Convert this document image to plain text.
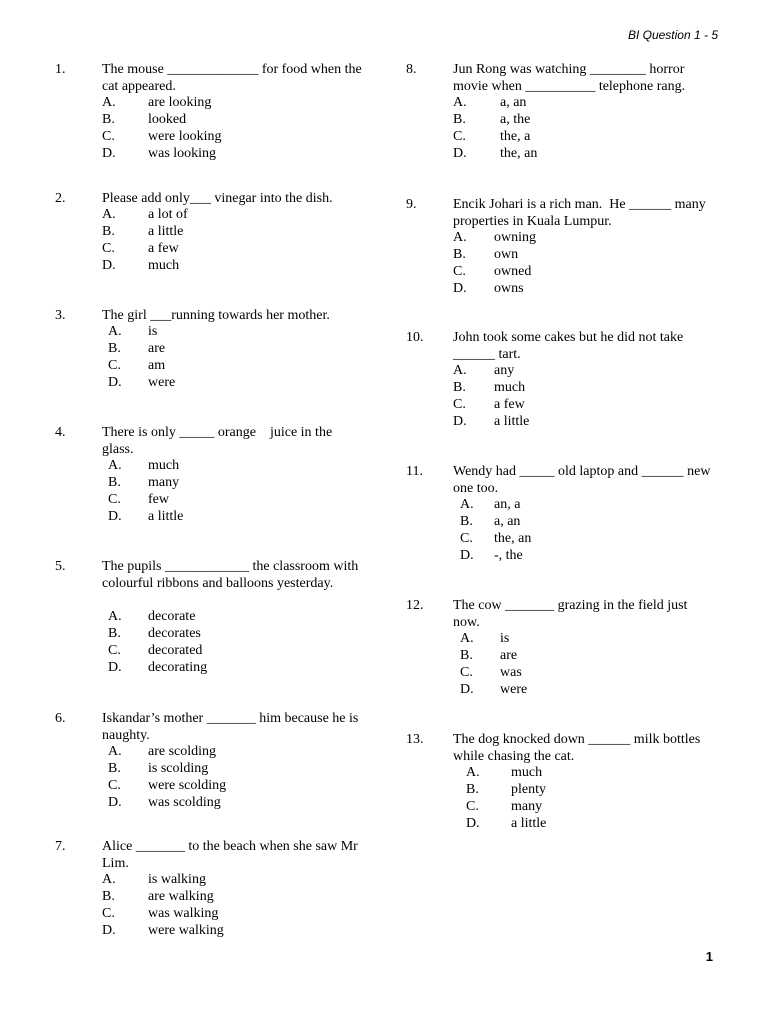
BI Question 1 - 5
1
1.	The mouse _____________ for food when the cat appeared.
A. are looking
B. looked
C. were looking
D. was looking
2.	Please add only___ vinegar into the dish.
A. a lot of
B. a little
C. a few
D. much
3.	The girl ___running towards her mother.
A. is
B. are
C. am
D. were
4.	There is only _____ orange    juice in the glass.
A. much
B. many
C. few
D. a little
5.	The pupils ____________ the classroom with colourful ribbons and balloons yesterday.
A. decorate
B. decorates
C. decorated
D. decorating
6.	Iskandar’s mother _______ him because he is naughty.
A. are scolding
B. is scolding
C. were scolding
D. was scolding
7.	Alice _______ to the beach when she saw Mr Lim.
A. is walking
B. are walking
C. was walking
D. were walking
8.	Jun Rong was watching ________ horror movie when __________ telephone rang.
A. a, an
B. a, the
C. the, a
D. the, an
9.	Encik Johari is a rich man.  He ______ many properties in Kuala Lumpur.
A. owning
B. own
C. owned
D. owns
10. John took some cakes but he did not take ______ tart.
A. any
B. much
C. a few
D. a little
11. Wendy had _____ old laptop and ______ new one too.
A. an, a
B. a, an
C. the, an
D. -, the
12. The cow _______ grazing in the field just now.
A. is
B. are
C. was
D. were
13. The dog knocked down ______ milk bottles while chasing the cat.
A. much
B. plenty
C. many
D. a little
